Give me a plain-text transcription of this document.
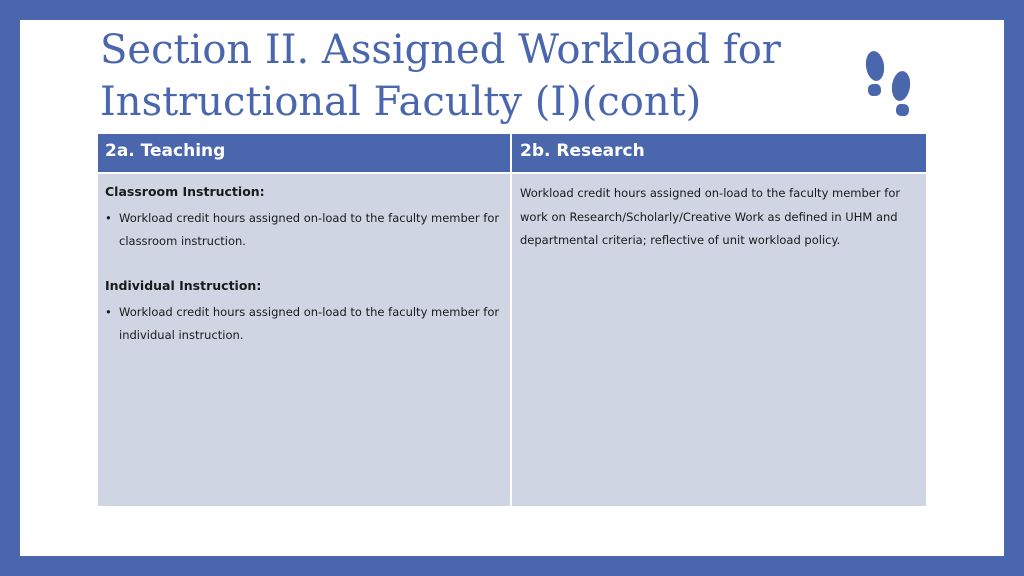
Section II. Assigned Workload for Instructional Faculty (I)(cont)
2a. Teaching	2b. Research
Classroom Instruction:
• Workload credit hours assigned on-load to the faculty member for classroom instruction.
Individual Instruction:
• Workload credit hours assigned on-load to the faculty member for individual instruction.

Workload credit hours assigned on-load to the faculty member for work on Research/Scholarly/Creative Work as defined in UHM and departmental criteria; reflective of unit workload policy.
